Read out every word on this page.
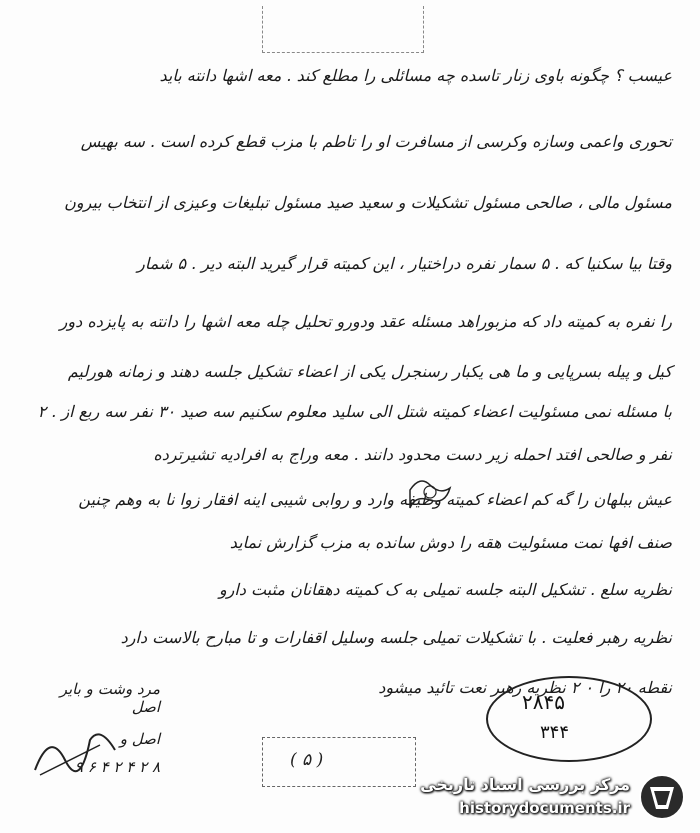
عیسب ؟ چگونه باوی زنار تاسده چه مسائلی را مطلع کند . معه اشها دانته باید
تحوری واعمی وسازه وکرسی از مسافرت او را تاطم با مزب قطع کرده است . سه بهیس
مسئول مالی ، صالحی مسئول تشکیلات و سعید صید مسئول تبلیغات وعیزی از انتخاب بیرون
وقتا بیا سکنیا که . ۵ سمار نفره دراختیار ، این کمیته قرار گیرید البته دیر . ۵ شمار
را نفره به کمیته داد که مزبوراهد مسئله عقد ودورو تحلیل چله معه اشها را دانته به پایزده دور
کیل و پیله بسرپایی و ما هی یکبار رسنجرل یکی از اعضاء تشکیل جلسه دهند و زمانه هورلیم
با مسئله نمی مسئولیت اعضاء کمیته شتل الی سلید معلوم سکنیم سه صید ۳۰ نفر سه ربع از . ۲
نفر و صالحی افتد احمله زیر دست محدود دانند . معه وراج به افرادیه تشیرترده
عیش ببلهان را گه کم اعضاء کمیته وظیفه وارد و روابی شیبی اینه افقار زوا نا به وهم چنین
صنف افها نمت مسئولیت هقه را دوش سانده به مزب گزارش نماید
نظریه سلع . تشکیل البته جلسه تمیلی به ک کمیته دهقانان مثبت دارو
نظریه رهبر فعلیت . با تشکیلات تمیلی جلسه وسلیل اقفارات و تا مبارح بالاست دارد
نقطه ۲۰ را ۰ ۲ نظریه رهبر نعت تائید میشود
۲۸۴۵
۳۴۴
مرد وشت و بایر اصل
اصل و
۸ ۲ ۴ ۲ ۴ ۶ ۹	( ۵ )
مرکز بررسی اسناد تاریخی
historydocuments.ir
